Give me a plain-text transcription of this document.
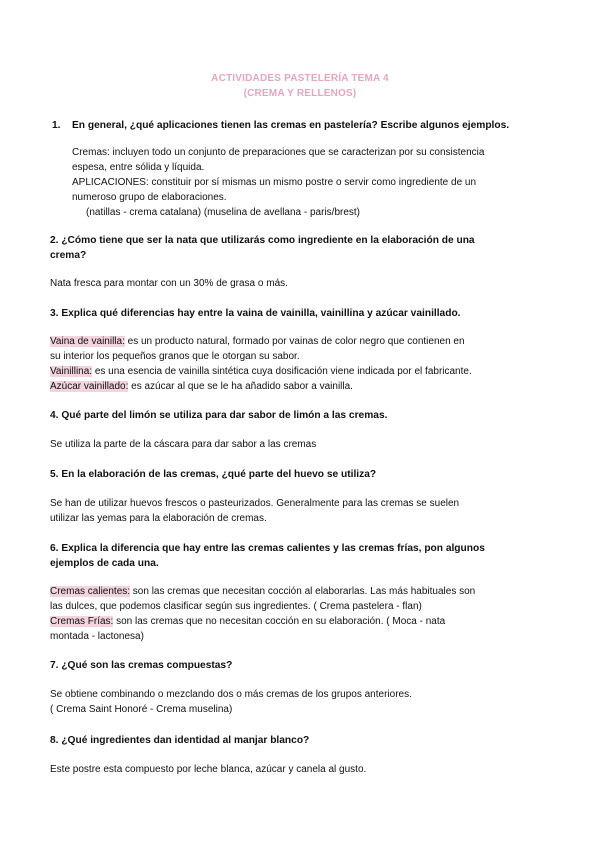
ACTIVIDADES PASTELERÍA TEMA 4
(CREMA Y RELLENOS)
1. En general, ¿qué aplicaciones tienen las cremas en pastelería? Escribe algunos ejemplos.
Cremas: incluyen todo un conjunto de preparaciones que se caracterizan por su consistencia
espesa, entre sólida y líquida.
APLICACIONES: constituir por sí mismas un mismo postre o servir como ingrediente de un
numeroso grupo de elaboraciones.
(natillas - crema catalana) (muselina de avellana - paris/brest)
2. ¿Cómo tiene que ser la nata que utilizarás como ingrediente en la elaboración de una
crema?
Nata fresca para montar con un 30% de grasa o más.
3. Explica qué diferencias hay entre la vaina de vainilla, vainillina y azúcar vainillado.
Vaina de vainilla: es un producto natural, formado por vainas de color negro que contienen en
su interior los pequeños granos que le otorgan su sabor.
Vainillina: es una esencia de vainilla sintética cuya dosificación viene indicada por el fabricante.
Azúcar vainillado: es azúcar al que se le ha añadido sabor a vainilla.
4. Qué parte del limón se utiliza para dar sabor de limón a las cremas.
Se utiliza la parte de la cáscara para dar sabor a las cremas
5. En la elaboración de las cremas, ¿qué parte del huevo se utiliza?
Se han de utilizar huevos frescos o pasteurizados. Generalmente para las cremas se suelen
utilizar las yemas para la elaboración de cremas.
6. Explica la diferencia que hay entre las cremas calientes y las cremas frías, pon algunos
ejemplos de cada una.
Cremas calientes: son las cremas que necesitan cocción al elaborarlas. Las más habituales son
las dulces, que podemos clasificar según sus ingredientes. ( Crema pastelera - flan)
Cremas Frías: son las cremas que no necesitan cocción en su elaboración. ( Moca - nata
montada - lactonesa)
7. ¿Qué son las cremas compuestas?
Se obtiene combinando o mezclando dos o más cremas de los grupos anteriores.
( Crema Saint Honoré - Crema muselina)
8. ¿Qué ingredientes dan identidad al manjar blanco?
Este postre esta compuesto por leche blanca, azúcar y canela al gusto.
